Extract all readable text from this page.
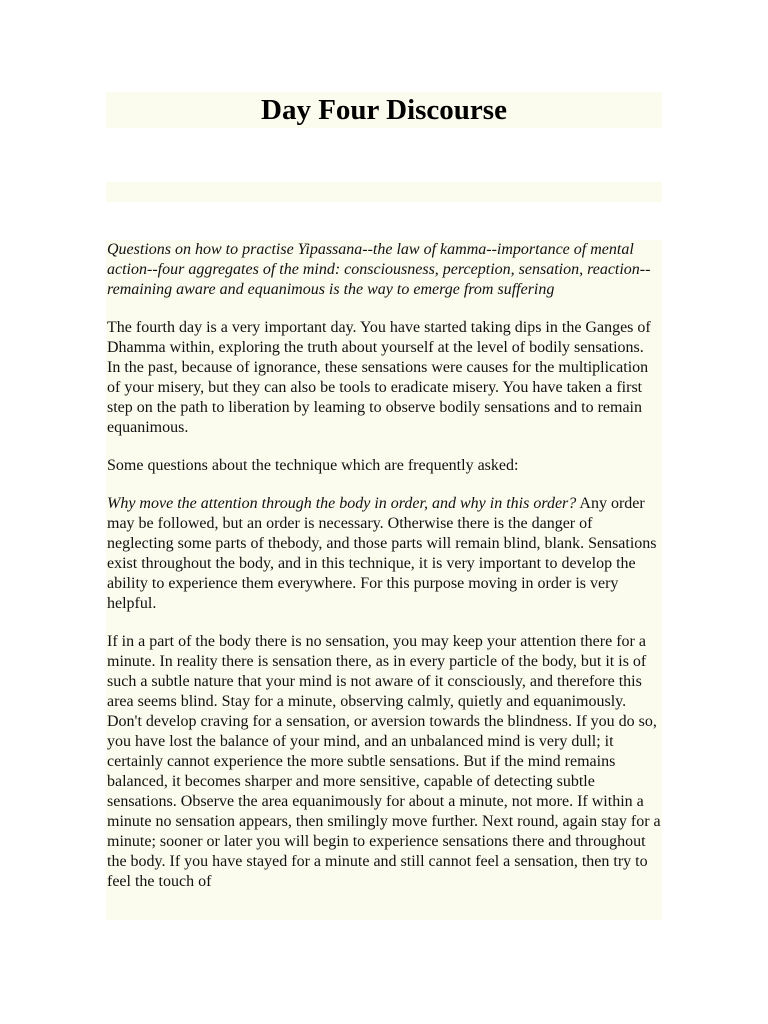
Day Four Discourse

Questions on how to practise Yipassana--the law of kamma--importance of mental action--four aggregates of the mind: consciousness, perception, sensation, reaction--remaining aware and equanimous is the way to emerge from suffering

The fourth day is a very important day. You have started taking dips in the Ganges of Dhamma within, exploring the truth about yourself at the level of bodily sensations. In the past, because of ignorance, these sensations were causes for the multiplication of your misery, but they can also be tools to eradicate misery. You have taken a first step on the path to liberation by leaming to observe bodily sensations and to remain equanimous.

Some questions about the technique which are frequently asked:

Why move the attention through the body in order, and why in this order? Any order may be followed, but an order is necessary. Otherwise there is the danger of neglecting some parts of thebody, and those parts will remain blind, blank. Sensations exist throughout the body, and in this technique, it is very important to develop the ability to experience them everywhere. For this purpose moving in order is very helpful.

If in a part of the body there is no sensation, you may keep your attention there for a minute. In reality there is sensation there, as in every particle of the body, but it is of such a subtle nature that your mind is not aware of it consciously, and therefore this area seems blind. Stay for a minute, observing calmly, quietly and equanimously. Don't develop craving for a sensation, or aversion towards the blindness. If you do so, you have lost the balance of your mind, and an unbalanced mind is very dull; it certainly cannot experience the more subtle sensations. But if the mind remains balanced, it becomes sharper and more sensitive, capable of detecting subtle sensations. Observe the area equanimously for about a minute, not more. If within a minute no sensation appears, then smilingly move further. Next round, again stay for a minute; sooner or later you will begin to experience sensations there and throughout the body. If you have stayed for a minute and still cannot feel a sensation, then try to feel the touch of
